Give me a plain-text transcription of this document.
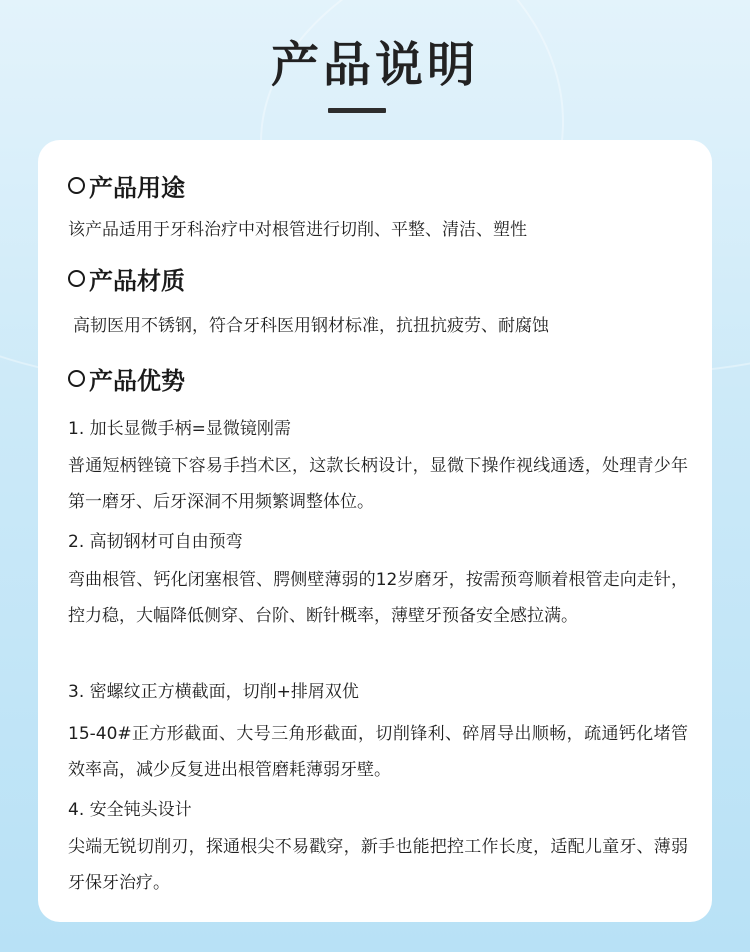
产品说明
产品用途
该产品适用于牙科治疗中对根管进行切削、平整、清洁、塑性
产品材质
高韧医用不锈钢，符合牙科医用钢材标准，抗扭抗疲劳、耐腐蚀
产品优势
1. 加长显微手柄=显微镜刚需
普通短柄锉镜下容易手挡术区，这款长柄设计，显微下操作视线通透，处理青少年第一磨牙、后牙深洞不用频繁调整体位。
2. 高韧钢材可自由预弯
弯曲根管、钙化闭塞根管、腭侧壁薄弱的12岁磨牙，按需预弯顺着根管走向走针，控力稳，大幅降低侧穿、台阶、断针概率，薄壁牙预备安全感拉满。
3. 密螺纹正方横截面，切削+排屑双优
15-40#正方形截面、大号三角形截面，切削锋利、碎屑导出顺畅，疏通钙化堵管效率高，减少反复进出根管磨耗薄弱牙壁。
4. 安全钝头设计
尖端无锐切削刃，探通根尖不易戳穿，新手也能把控工作长度，适配儿童牙、薄弱牙保牙治疗。
